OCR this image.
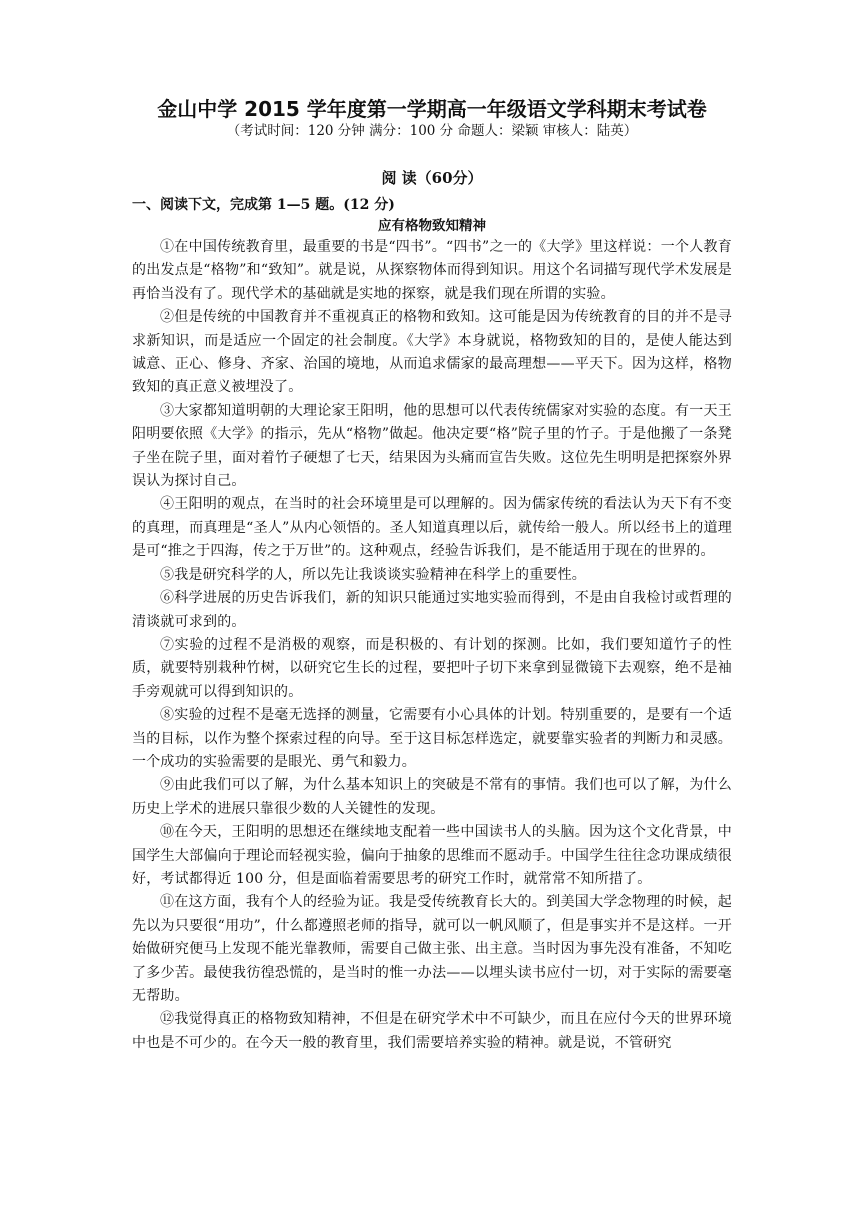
金山中学 2015 学年度第一学期高一年级语文学科期末考试卷

（考试时间：120 分钟 满分：100 分 命题人：梁颖 审核人：陆英）

阅 读（60分）
一、阅读下文，完成第 1—5 题。(12 分)
应有格物致知精神

①在中国传统教育里，最重要的书是“四书”。“四书”之一的《大学》里这样说：一个人教育的出发点是“格物”和“致知”。就是说，从探察物体而得到知识。用这个名词描写现代学术发展是再恰当没有了。现代学术的基础就是实地的探察，就是我们现在所谓的实验。

②但是传统的中国教育并不重视真正的格物和致知。这可能是因为传统教育的目的并不是寻求新知识，而是适应一个固定的社会制度。《大学》本身就说，格物致知的目的，是使人能达到诚意、正心、修身、齐家、治国的境地，从而追求儒家的最高理想——平天下。因为这样，格物致知的真正意义被埋没了。

③大家都知道明朝的大理论家王阳明，他的思想可以代表传统儒家对实验的态度。有一天王阳明要依照《大学》的指示，先从“格物”做起。他决定要“格”院子里的竹子。于是他搬了一条凳子坐在院子里，面对着竹子硬想了七天，结果因为头痛而宣告失败。这位先生明明是把探察外界误认为探讨自己。

④王阳明的观点，在当时的社会环境里是可以理解的。因为儒家传统的看法认为天下有不变的真理，而真理是“圣人”从内心领悟的。圣人知道真理以后，就传给一般人。所以经书上的道理是可“推之于四海，传之于万世”的。这种观点，经验告诉我们，是不能适用于现在的世界的。

⑤我是研究科学的人，所以先让我谈谈实验精神在科学上的重要性。

⑥科学进展的历史告诉我们，新的知识只能通过实地实验而得到，不是由自我检讨或哲理的清谈就可求到的。

⑦实验的过程不是消极的观察，而是积极的、有计划的探测。比如，我们要知道竹子的性质，就要特别栽种竹树，以研究它生长的过程，要把叶子切下来拿到显微镜下去观察，绝不是袖手旁观就可以得到知识的。

⑧实验的过程不是毫无选择的测量，它需要有小心具体的计划。特别重要的，是要有一个适当的目标，以作为整个探索过程的向导。至于这目标怎样选定，就要靠实验者的判断力和灵感。一个成功的实验需要的是眼光、勇气和毅力。

⑨由此我们可以了解，为什么基本知识上的突破是不常有的事情。我们也可以了解，为什么历史上学术的进展只靠很少数的人关键性的发现。

⑩在今天，王阳明的思想还在继续地支配着一些中国读书人的头脑。因为这个文化背景，中国学生大部偏向于理论而轻视实验，偏向于抽象的思维而不愿动手。中国学生往往念功课成绩很好，考试都得近 100 分，但是面临着需要思考的研究工作时，就常常不知所措了。

⑪在这方面，我有个人的经验为证。我是受传统教育长大的。到美国大学念物理的时候，起先以为只要很“用功”，什么都遵照老师的指导，就可以一帆风顺了，但是事实并不是这样。一开始做研究便马上发现不能光靠教师，需要自己做主张、出主意。当时因为事先没有准备，不知吃了多少苦。最使我彷徨恐慌的，是当时的惟一办法——以埋头读书应付一切，对于实际的需要毫无帮助。

⑫我觉得真正的格物致知精神，不但是在研究学术中不可缺少，而且在应付今天的世界环境中也是不可少的。在今天一般的教育里，我们需要培养实验的精神。就是说，不管研究
